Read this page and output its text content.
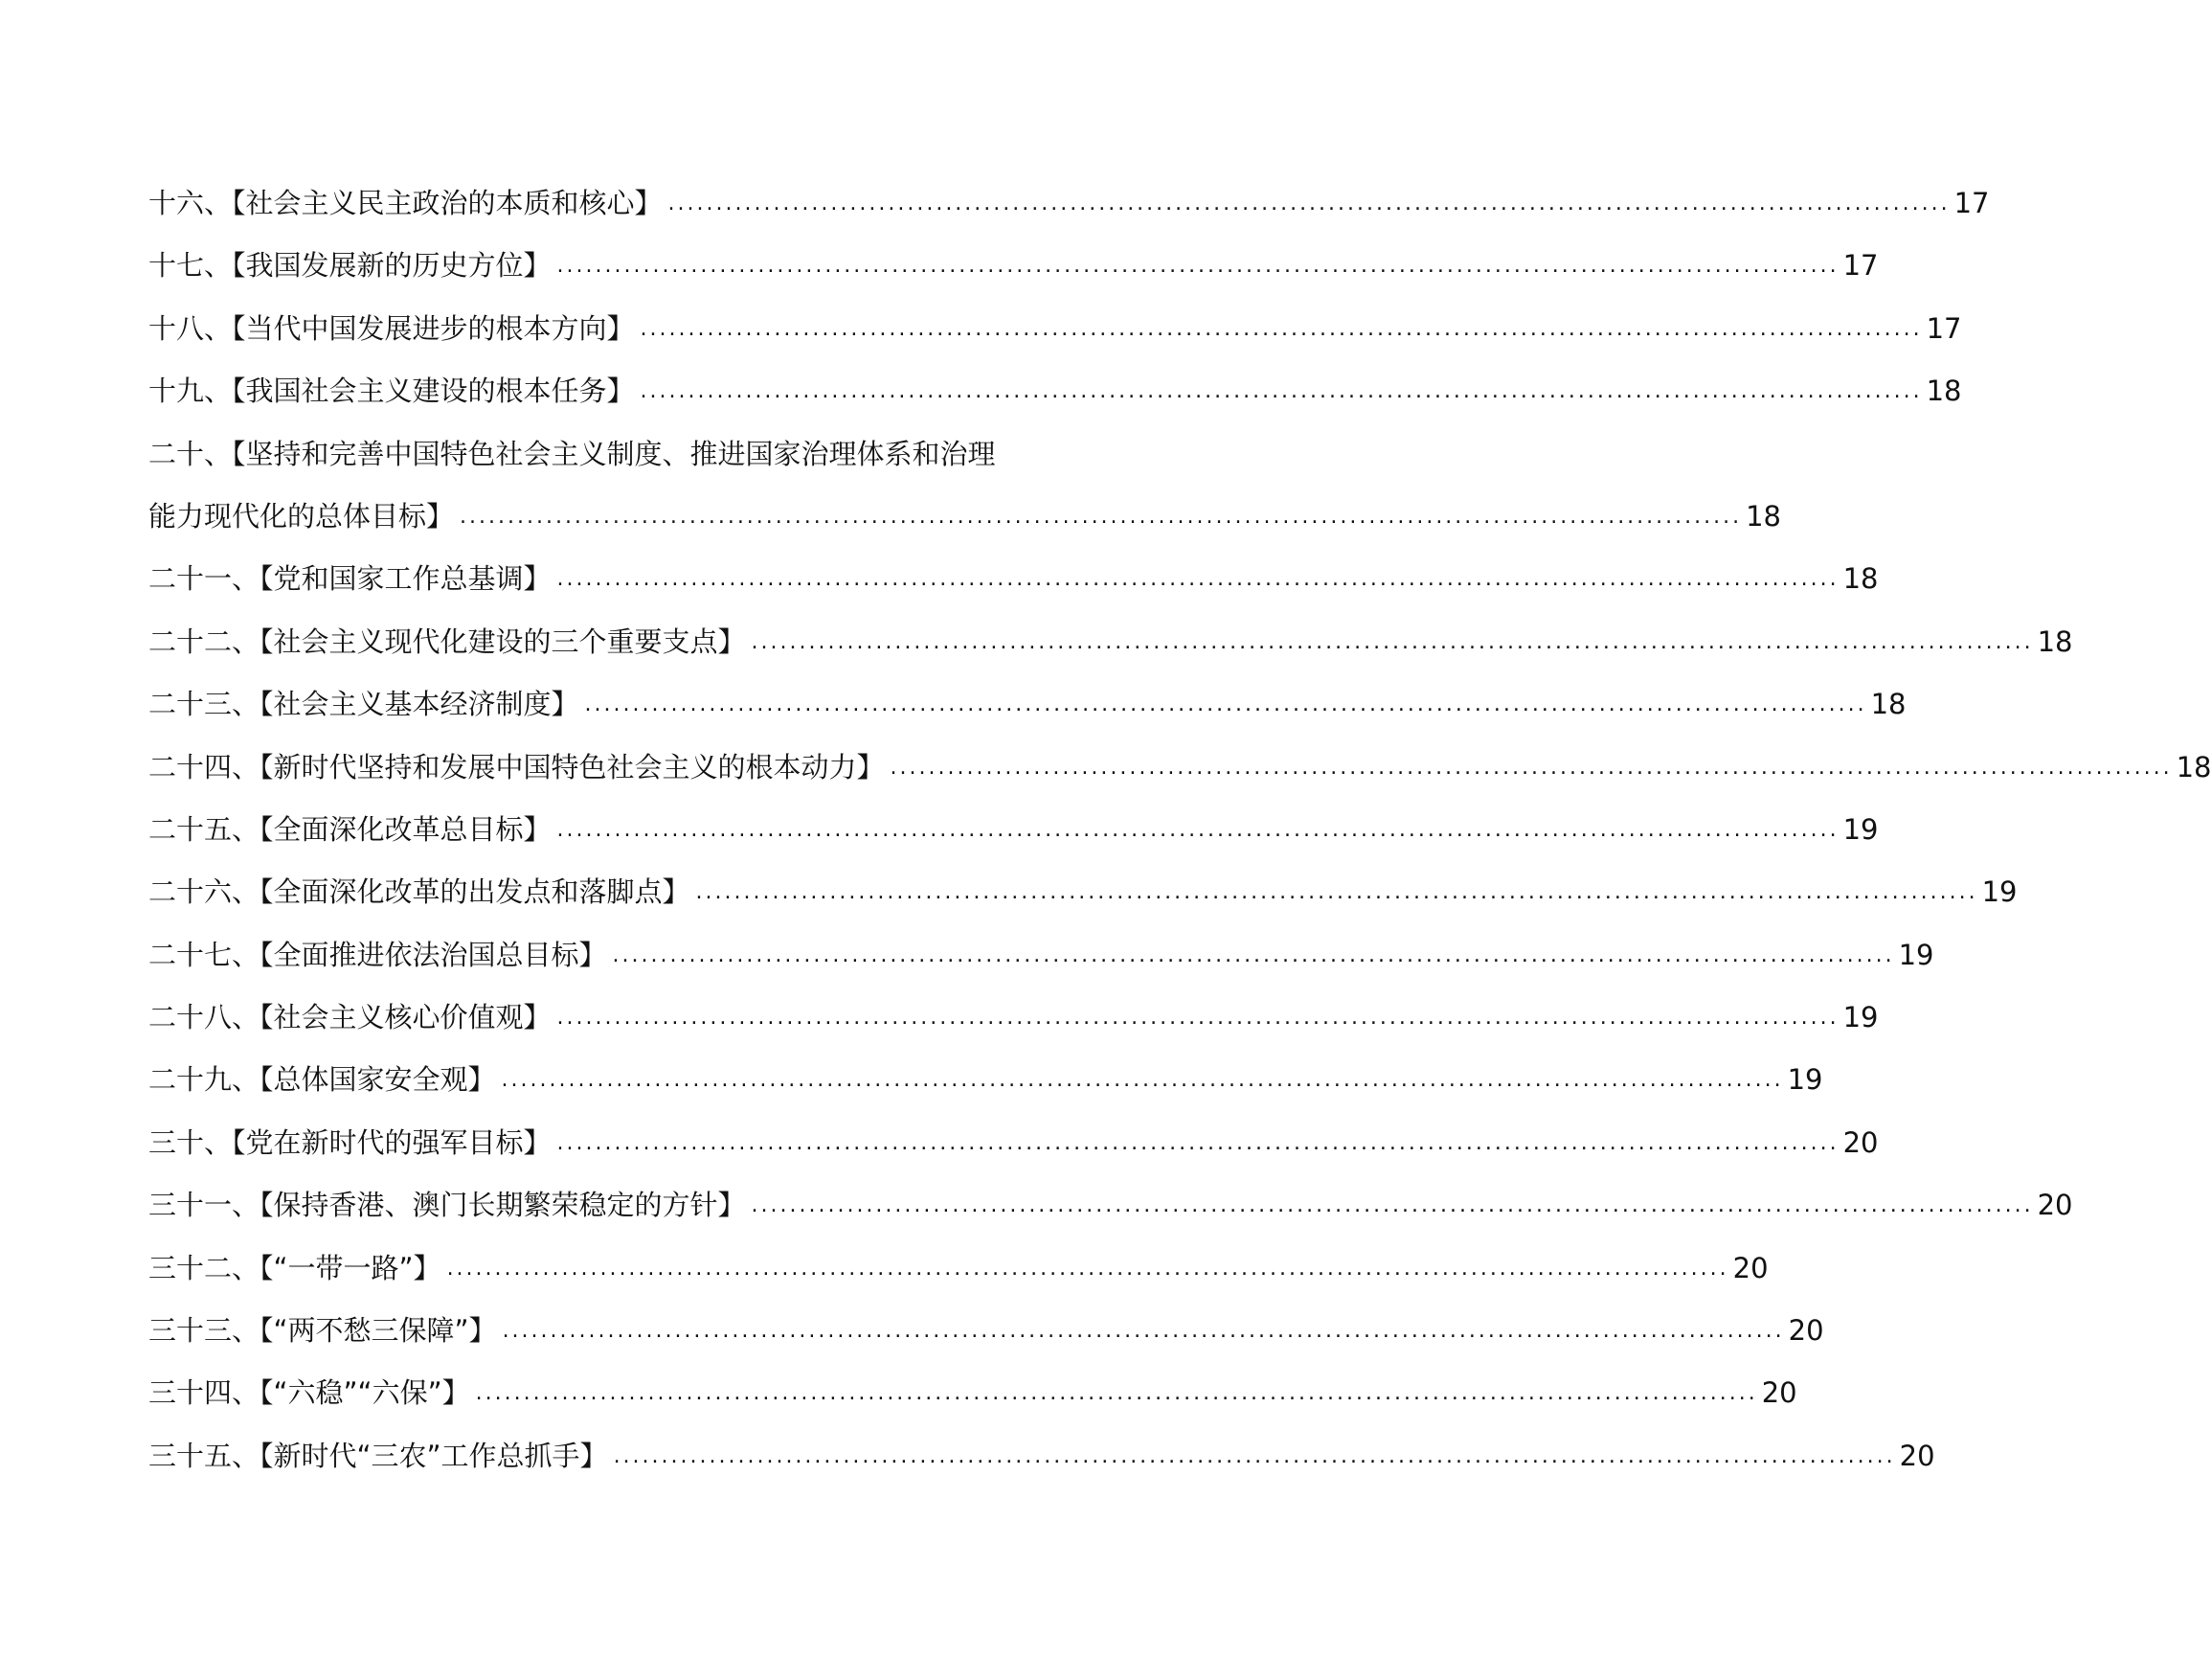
十六、【社会主义民主政治的本质和核心】 ...................................................................................................................................... 17
十七、【我国发展新的历史方位】 ...................................................................................................................................... 17
十八、【当代中国发展进步的根本方向】 ...................................................................................................................................... 17
十九、【我国社会主义建设的根本任务】 ...................................................................................................................................... 18
二十、【坚持和完善中国特色社会主义制度、推进国家治理体系和治理
能力现代化的总体目标】 ...................................................................................................................................... 18
二十一、【党和国家工作总基调】 ...................................................................................................................................... 18
二十二、【社会主义现代化建设的三个重要支点】 ...................................................................................................................................... 18
二十三、【社会主义基本经济制度】 ...................................................................................................................................... 18
二十四、【新时代坚持和发展中国特色社会主义的根本动力】 ...................................................................................................................................... 18
二十五、【全面深化改革总目标】 ...................................................................................................................................... 19
二十六、【全面深化改革的出发点和落脚点】 ...................................................................................................................................... 19
二十七、【全面推进依法治国总目标】 ...................................................................................................................................... 19
二十八、【社会主义核心价值观】 ...................................................................................................................................... 19
二十九、【总体国家安全观】 ...................................................................................................................................... 19
三十、【党在新时代的强军目标】 ...................................................................................................................................... 20
三十一、【保持香港、澳门长期繁荣稳定的方针】 ...................................................................................................................................... 20
三十二、【“一带一路”】 ...................................................................................................................................... 20
三十三、【“两不愁三保障”】 ...................................................................................................................................... 20
三十四、【“六稳”“六保”】 ...................................................................................................................................... 20
三十五、【新时代“三农”工作总抓手】 ...................................................................................................................................... 20
